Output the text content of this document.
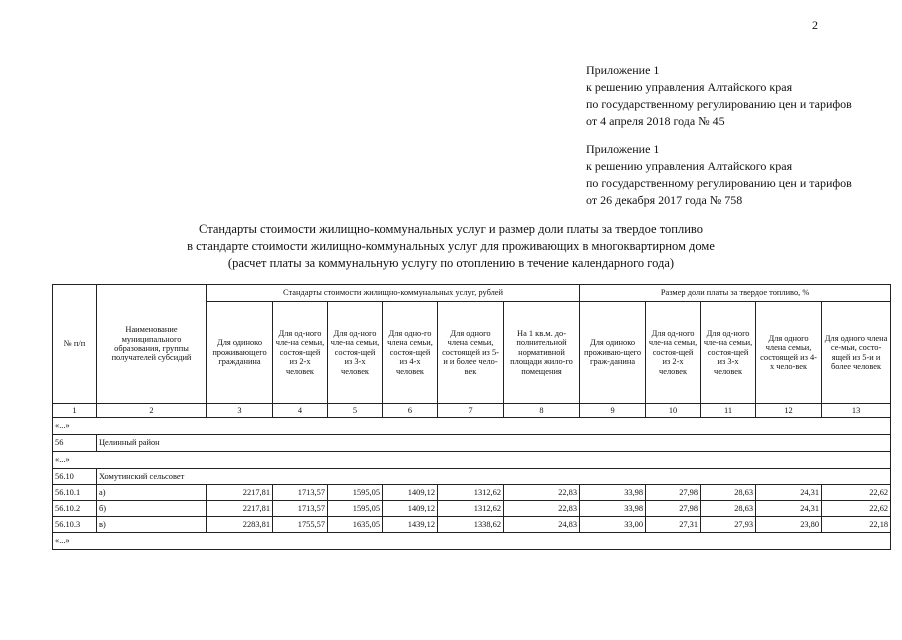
2
Приложение 1
к решению управления Алтайского края
по государственному регулированию цен и тарифов
от 4 апреля 2018 года № 45
Приложение 1
к решению управления Алтайского края
по государственному регулированию цен и тарифов
от 26 декабря 2017 года № 758
Стандарты стоимости жилищно-коммунальных услуг и размер доли платы за твердое топливо
в стандарте стоимости жилищно-коммунальных услуг для проживающих в многоквартирном доме
(расчет платы за коммунальную услугу по отоплению в течение календарного года)
№ п/п	Наименование муниципального образования, группы получателей субсидий	Стандарты стоимости жилищно-коммунальных услуг, рублей						Размер доли платы за твердое топливо, %				
		Для одиноко проживающего гражданина	Для од-ного чле-на семьи, состоя-щей из 2-х человек	Для од-ного чле-на семьи, состоя-щей из 3-х человек	Для одно-го члена семьи, состоя-щей из 4-х человек	Для одного члена семьи, состоящей из 5-и и более чело-век	На 1 кв.м. до-полнительной нормативной площади жило-го помещения	Для одиноко проживаю-щего граж-данина	Для од-ного чле-на семьи, состоя-щей из 2-х человек	Для од-ного чле-на семьи, состоя-щей из 3-х человек	Для одного члена семьи, состоящей из 4-х чело-век	Для одного члена се-мьи, состо-ящей из 5-и и более человек
1	2	3	4	5	6	7	8	9	10	11	12	13
«...»												
56	Целинный район											
«...»												
56.10	Хомутинский сельсовет											
56.10.1	а)	2217,81	1713,57	1595,05	1409,12	1312,62	22,83	33,98	27,98	28,63	24,31	22,62
56.10.2	б)	2217,81	1713,57	1595,05	1409,12	1312,62	22,83	33,98	27,98	28,63	24,31	22,62
56.10.3	в)	2283,81	1755,57	1635,05	1439,12	1338,62	24,83	33,00	27,31	27,93	23,80	22,18
«...»												
